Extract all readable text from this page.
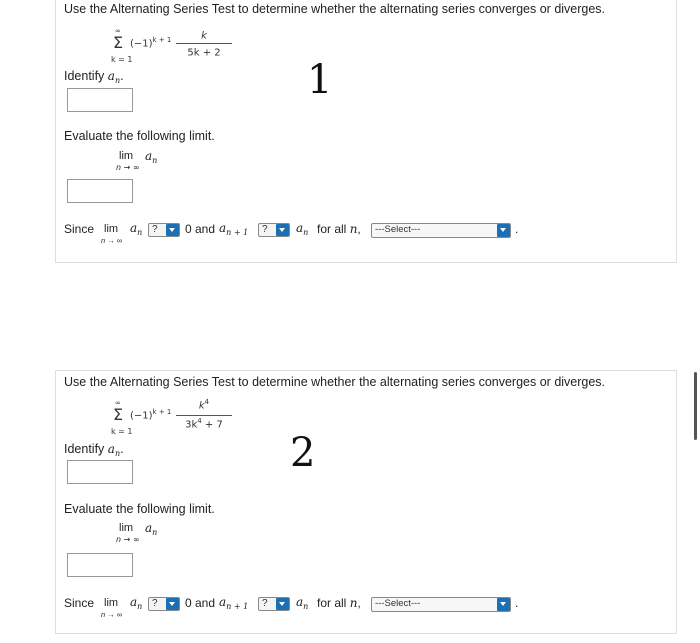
Use the Alternating Series Test to determine whether the alternating series converges or diverges.
∞
Σ
k = 1
$(-1)^{k + 1}$	k
5k + 2
Identify $a_n$.
Evaluate the following limit.
lim
n → ∞
$a_n$
Since lim
n → ∞
$a_n$ ? 0 and $a_{n + 1}$ ? $a_n$ for all n, ---Select---	.
1
Use the Alternating Series Test to determine whether the alternating series converges or diverges.
∞
Σ
k = 1
$(-1)^{k + 1}$
$k^4$
$3k^4 + 7$
Identify $a_n$.
Evaluate the following limit.
lim
n → ∞
$a_n$
Since lim
n → ∞
$a_n$ ? 0 and $a_{n + 1}$ ? $a_n$ for all n, ---Select---	.
2
